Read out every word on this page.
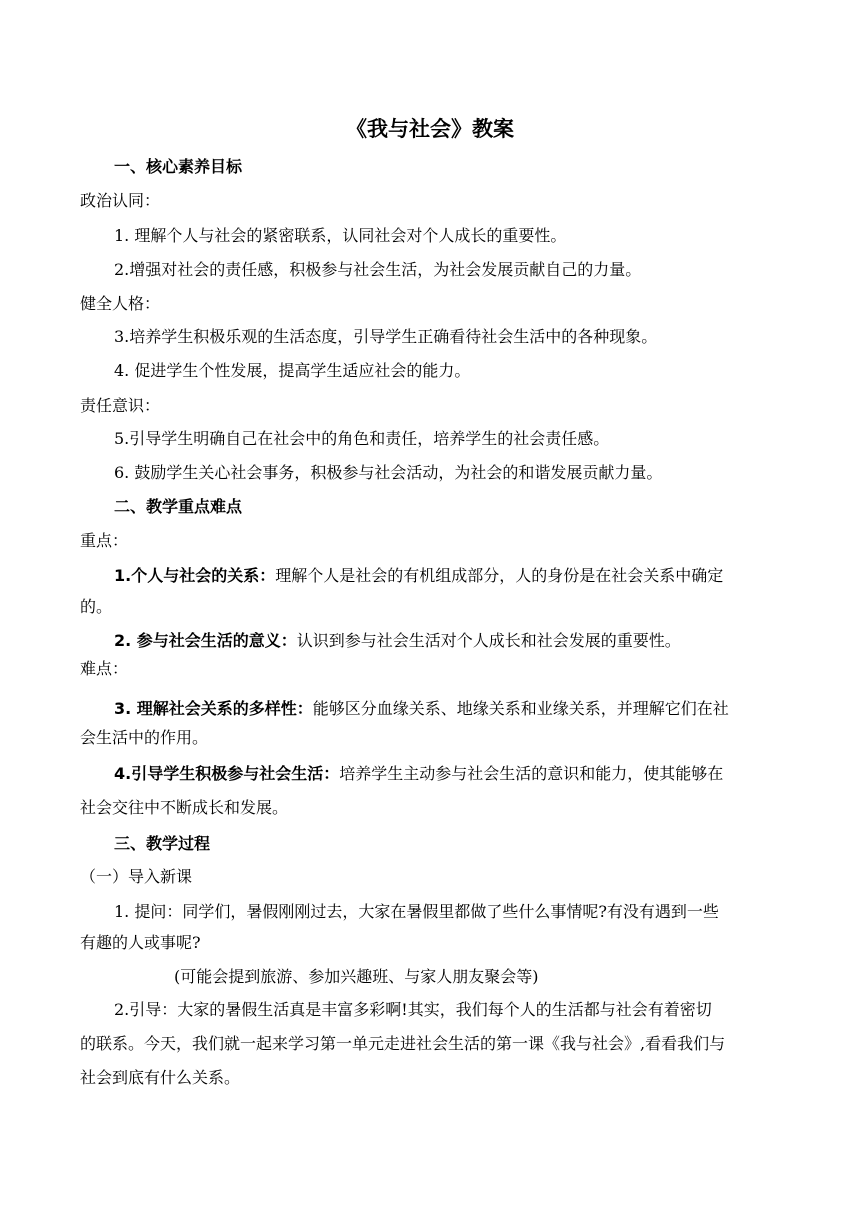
《我与社会》教案
一、核心素养目标
政治认同：
1. 理解个人与社会的紧密联系，认同社会对个人成长的重要性。
2.增强对社会的责任感，积极参与社会生活，为社会发展贡献自己的力量。
健全人格：
3.培养学生积极乐观的生活态度，引导学生正确看待社会生活中的各种现象。
4. 促进学生个性发展，提高学生适应社会的能力。
责任意识：
5.引导学生明确自己在社会中的角色和责任，培养学生的社会责任感。
6. 鼓励学生关心社会事务，积极参与社会活动，为社会的和谐发展贡献力量。
二、教学重点难点
重点：
1.个人与社会的关系：理解个人是社会的有机组成部分，人的身份是在社会关系中确定
的。
2. 参与社会生活的意义：认识到参与社会生活对个人成长和社会发展的重要性。
难点：
3. 理解社会关系的多样性：能够区分血缘关系、地缘关系和业缘关系，并理解它们在社
会生活中的作用。
4.引导学生积极参与社会生活：培养学生主动参与社会生活的意识和能力，使其能够在
社会交往中不断成长和发展。
三、教学过程
（一）导入新课
1. 提问：同学们，暑假刚刚过去，大家在暑假里都做了些什么事情呢?有没有遇到一些
有趣的人或事呢?
(可能会提到旅游、参加兴趣班、与家人朋友聚会等)
2.引导：大家的暑假生活真是丰富多彩啊!其实，我们每个人的生活都与社会有着密切
的联系。今天，我们就一起来学习第一单元走进社会生活的第一课《我与社会》,看看我们与
社会到底有什么关系。
